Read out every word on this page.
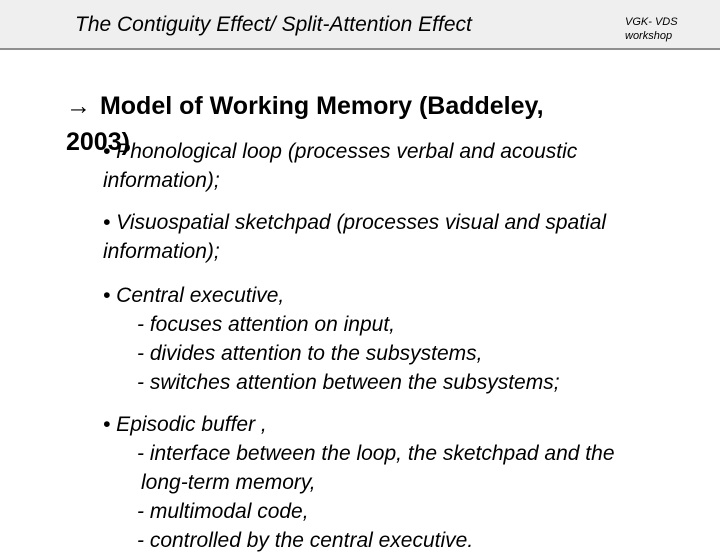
The Contiguity Effect/ Split-Attention Effect	VGK- VDS
workshop
→ Model of Working Memory (Baddeley,
2003)
• Phonological loop (processes verbal and acoustic
information);
• Visuospatial sketchpad (processes visual and spatial
information);
• Central executive,
- focuses attention on input,
- divides attention to the subsystems,
- switches attention between the subsystems;
• Episodic buffer ,
- interface between the loop, the sketchpad and the
long-term memory,
- multimodal code,
- controlled by the central executive.
